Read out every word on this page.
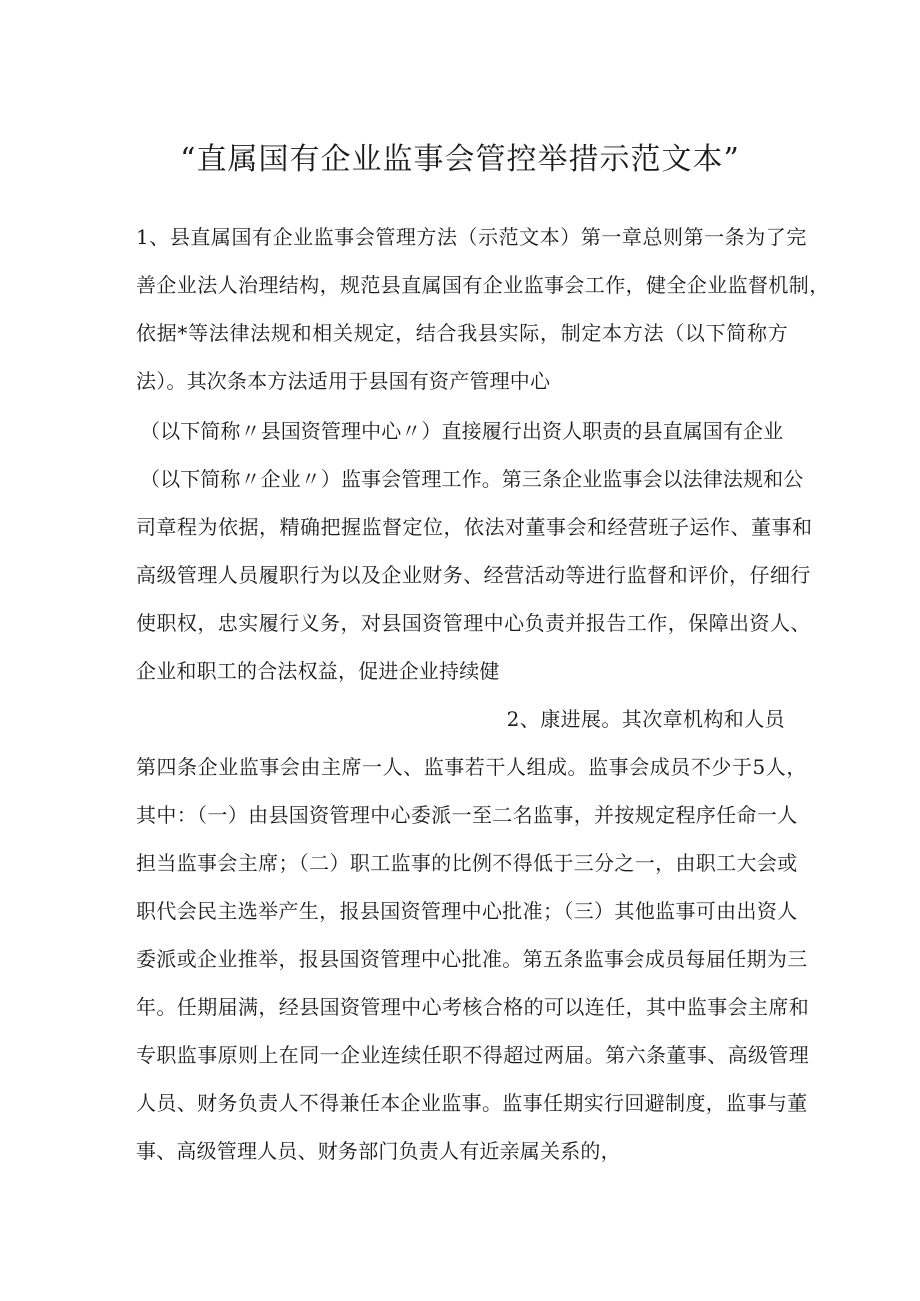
“直属国有企业监事会管控举措示范文本”
1、县直属国有企业监事会管理方法（示范文本）第一章总则第一条为了完
善企业法人治理结构，规范县直属国有企业监事会工作，健全企业监督机制，
依据*等法律法规和相关规定，结合我县实际，制定本方法（以下简称方
法）。其次条本方法适用于县国有资产管理中心
（以下简称〃县国资管理中心〃）直接履行出资人职责的县直属国有企业
（以下简称〃企业〃）监事会管理工作。第三条企业监事会以法律法规和公
司章程为依据，精确把握监督定位，依法对董事会和经营班子运作、董事和
高级管理人员履职行为以及企业财务、经营活动等进行监督和评价，仔细行
使职权，忠实履行义务，对县国资管理中心负责并报告工作，保障出资人、
企业和职工的合法权益，促进企业持续健
2、康进展。其次章机构和人员
第四条企业监事会由主席一人、监事若干人组成。监事会成员不少于5人，
其中：（一）由县国资管理中心委派一至二名监事，并按规定程序任命一人
担当监事会主席；（二）职工监事的比例不得低于三分之一，由职工大会或
职代会民主选举产生，报县国资管理中心批准；（三）其他监事可由出资人
委派或企业推举，报县国资管理中心批准。第五条监事会成员每届任期为三
年。任期届满，经县国资管理中心考核合格的可以连任，其中监事会主席和
专职监事原则上在同一企业连续任职不得超过两届。第六条董事、高级管理
人员、财务负责人不得兼任本企业监事。监事任期实行回避制度，监事与董
事、高级管理人员、财务部门负责人有近亲属关系的，
